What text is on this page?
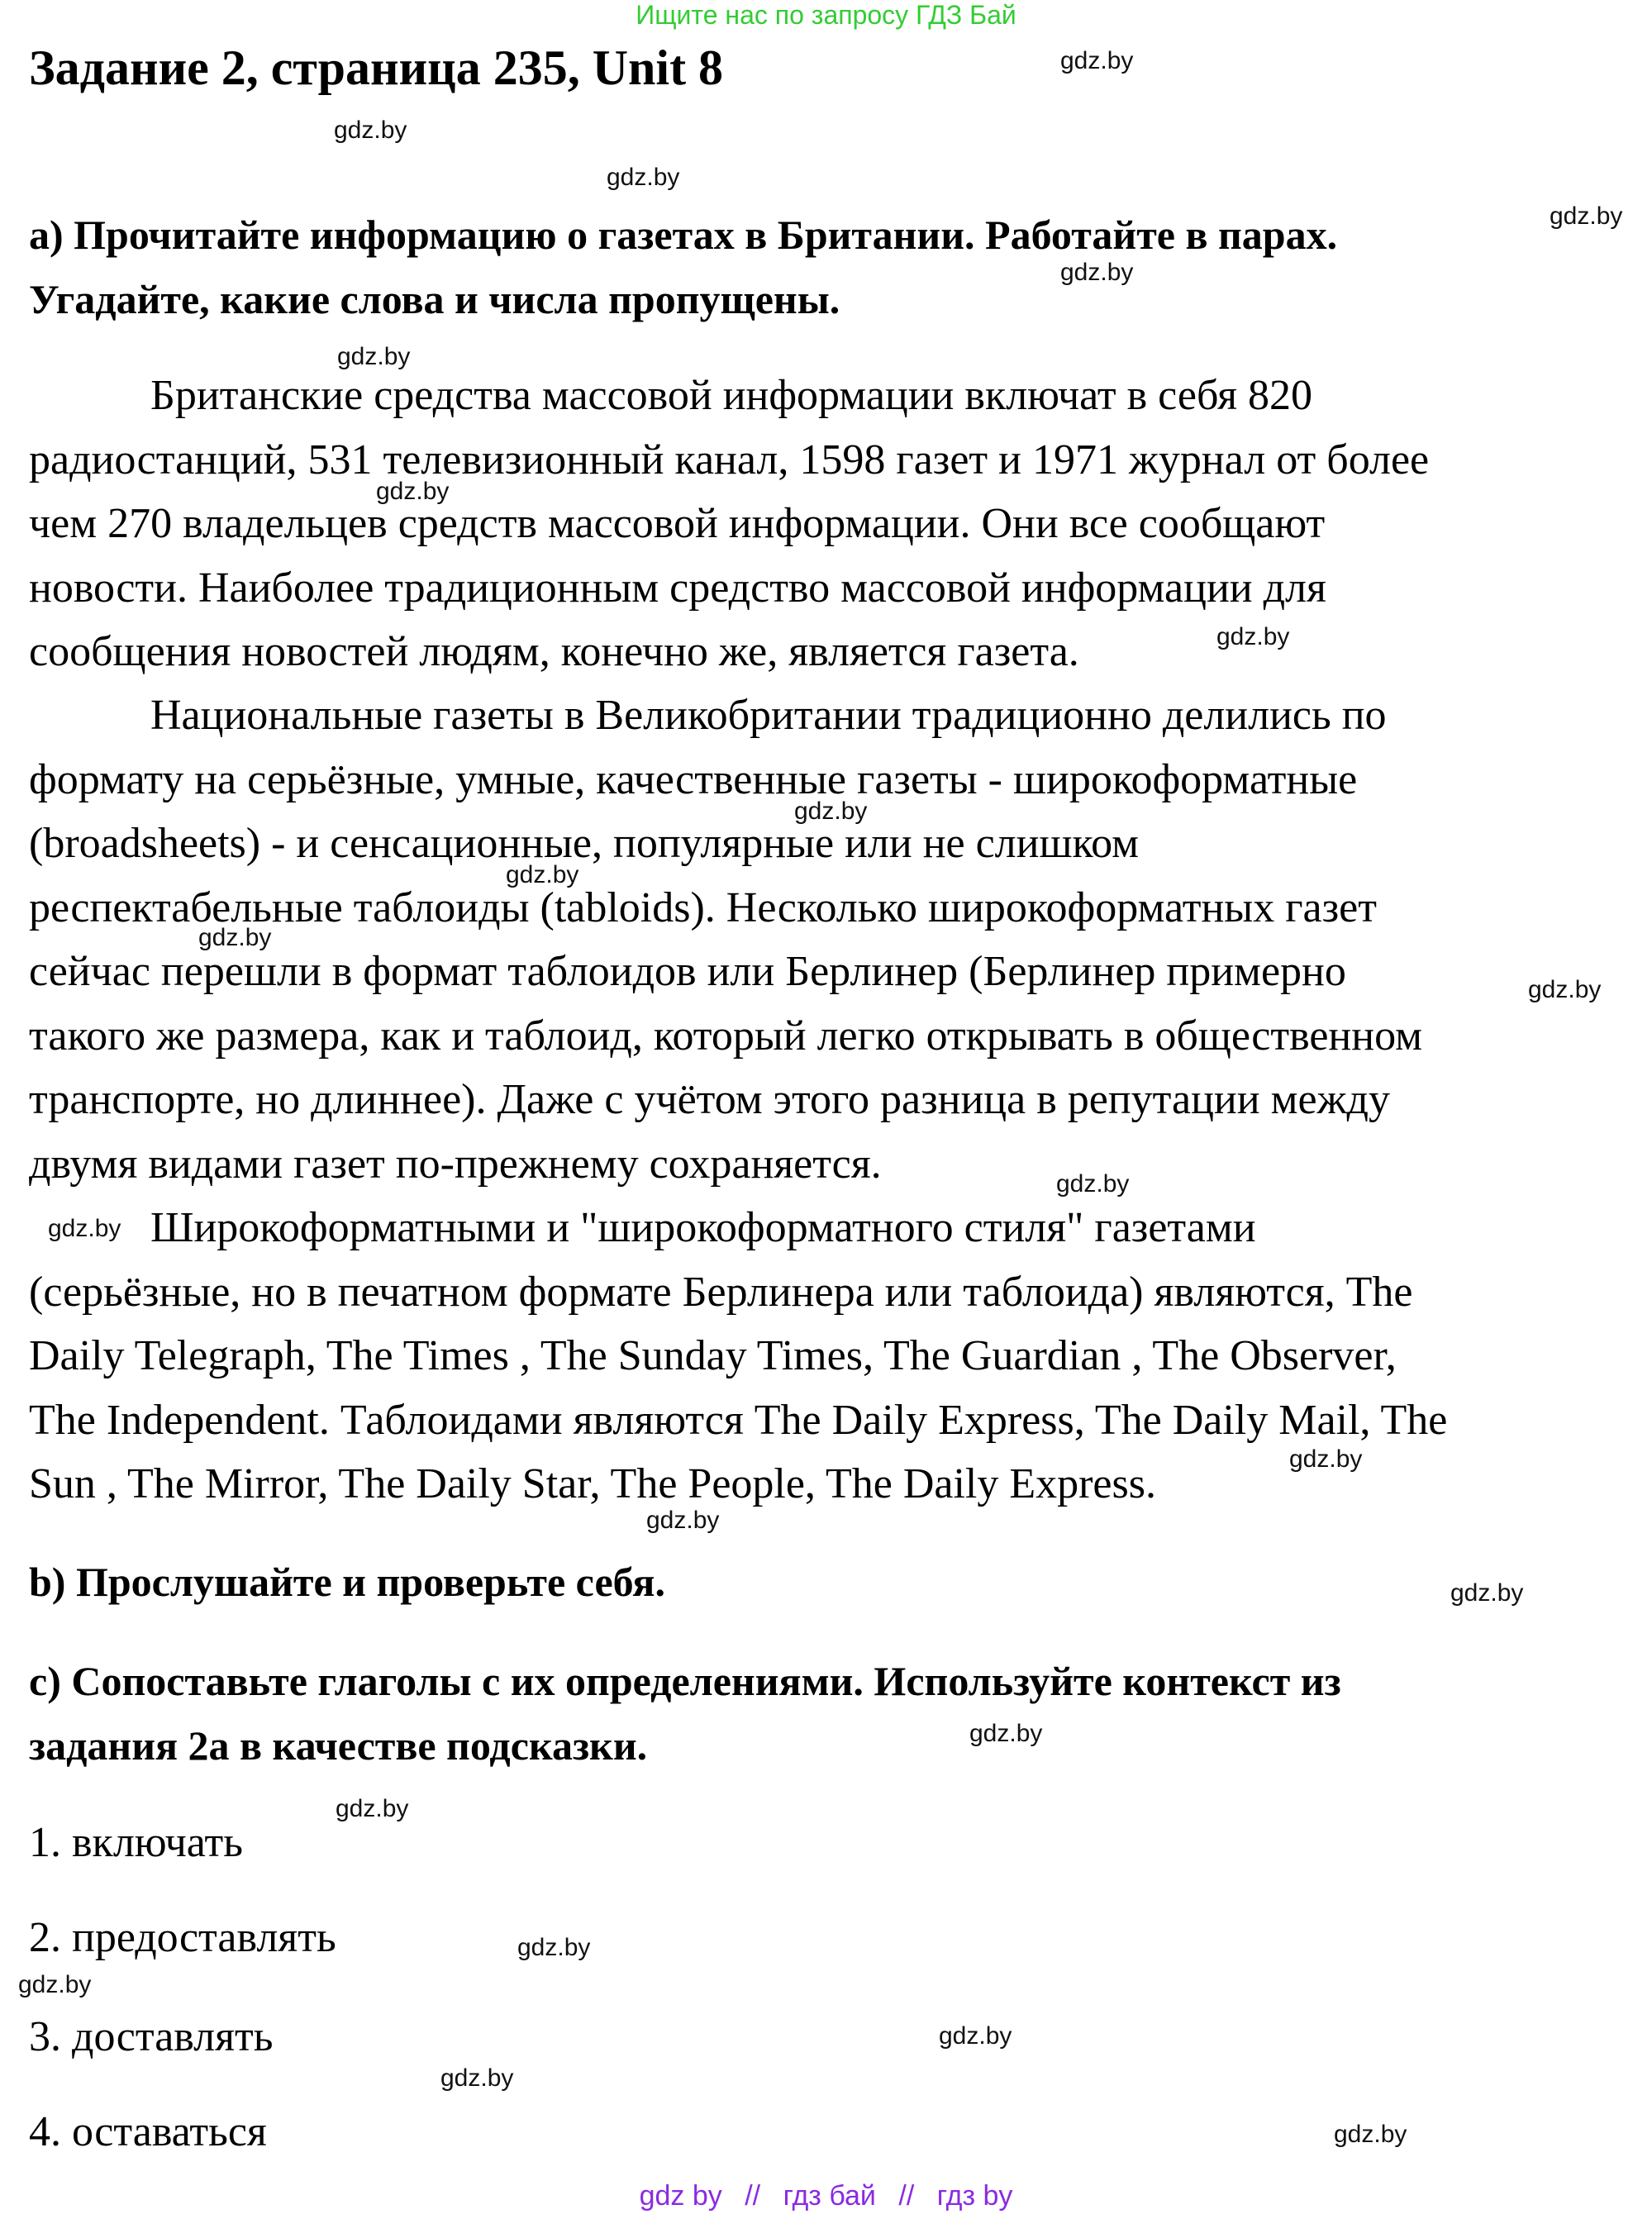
Ищите нас по запросу ГДЗ Бай
Задание 2, страница 235, Unit 8
a) Прочитайте информацию о газетах в Британии. Работайте в парах.
Угадайте, какие слова и числа пропущены.
Британские средства массовой информации включат в себя 820
радиостанций, 531 телевизионный канал, 1598 газет и 1971 журнал от более
чем 270 владельцев средств массовой информации. Они все сообщают
новости. Наиболее традиционным средство массовой информации для
сообщения новостей людям, конечно же, является газета.
Национальные газеты в Великобритании традиционно делились по
формату на серьёзные, умные, качественные газеты - широкоформатные
(broadsheets) - и сенсационные, популярные или не слишком
респектабельные таблоиды (tabloids). Несколько широкоформатных газет
сейчас перешли в формат таблоидов или Берлинер (Берлинер примерно
такого же размера, как и таблоид, который легко открывать в общественном
транспорте, но длиннее). Даже с учётом этого разница в репутации между
двумя видами газет по-прежнему сохраняется.
Широкоформатными и "широкоформатного стиля" газетами
(серьёзные, но в печатном формате Берлинера или таблоида) являются, The
Daily Telegraph, The Times , The Sunday Times, The Guardian , The Observer,
The Independent. Таблоидами являются The Daily Express, The Daily Mail, The
Sun , The Mirror, The Daily Star, The People, The Daily Express.
b) Прослушайте и проверьте себя.
c) Сопоставьте глаголы с их определениями. Используйте контекст из
задания 2a в качестве подсказки.
1. включать
2. предоставлять
3. доставлять
4. оставаться
gdz.by
gdz.by
gdz.by
gdz.by
gdz.by
gdz.by
gdz.by
gdz.by
gdz.by
gdz.by
gdz.by
gdz.by
gdz.by
gdz.by
gdz.by
gdz.by
gdz.by
gdz.by
gdz.by
gdz.by
gdz.by
gdz.by
gdz.by
gdz.by
gdz by // гдз бай // гдз by
